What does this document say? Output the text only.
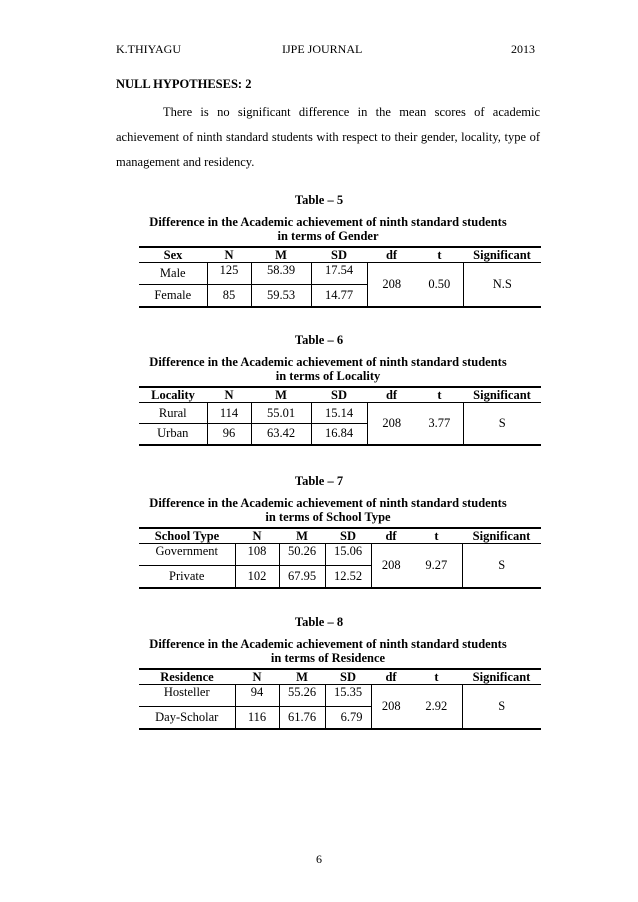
K.THIYAGU	IJPE JOURNAL	2013
NULL HYPOTHESES: 2

There is no significant difference in the mean scores of academic achievement of ninth standard students with respect to their gender, locality, type of management and residency.

Table – 5
Difference in the Academic achievement of ninth standard students
in terms of Gender
Sex	N	M	SD	df	t	Significant
Male	125	58.39	17.54	208	0.50	N.S
Female	85	59.53	14.77			
Table – 6
Difference in the Academic achievement of ninth standard students
in terms of Locality
Locality	N	M	SD	df	t	Significant
Rural	114	55.01	15.14	208	3.77	S
Urban	96	63.42	16.84			
Table – 7
Difference in the Academic achievement of ninth standard students
in terms of School Type
School Type	N	M	SD	df	t	Significant
Government	108	50.26	15.06	208	9.27	S
Private	102	67.95	12.52			
Table – 8
Difference in the Academic achievement of ninth standard students
in terms of Residence
Residence	N	M	SD	df	t	Significant
Hosteller	94	55.26	15.35	208	2.92	S
Day-Scholar	116	61.76	6.79			
6
